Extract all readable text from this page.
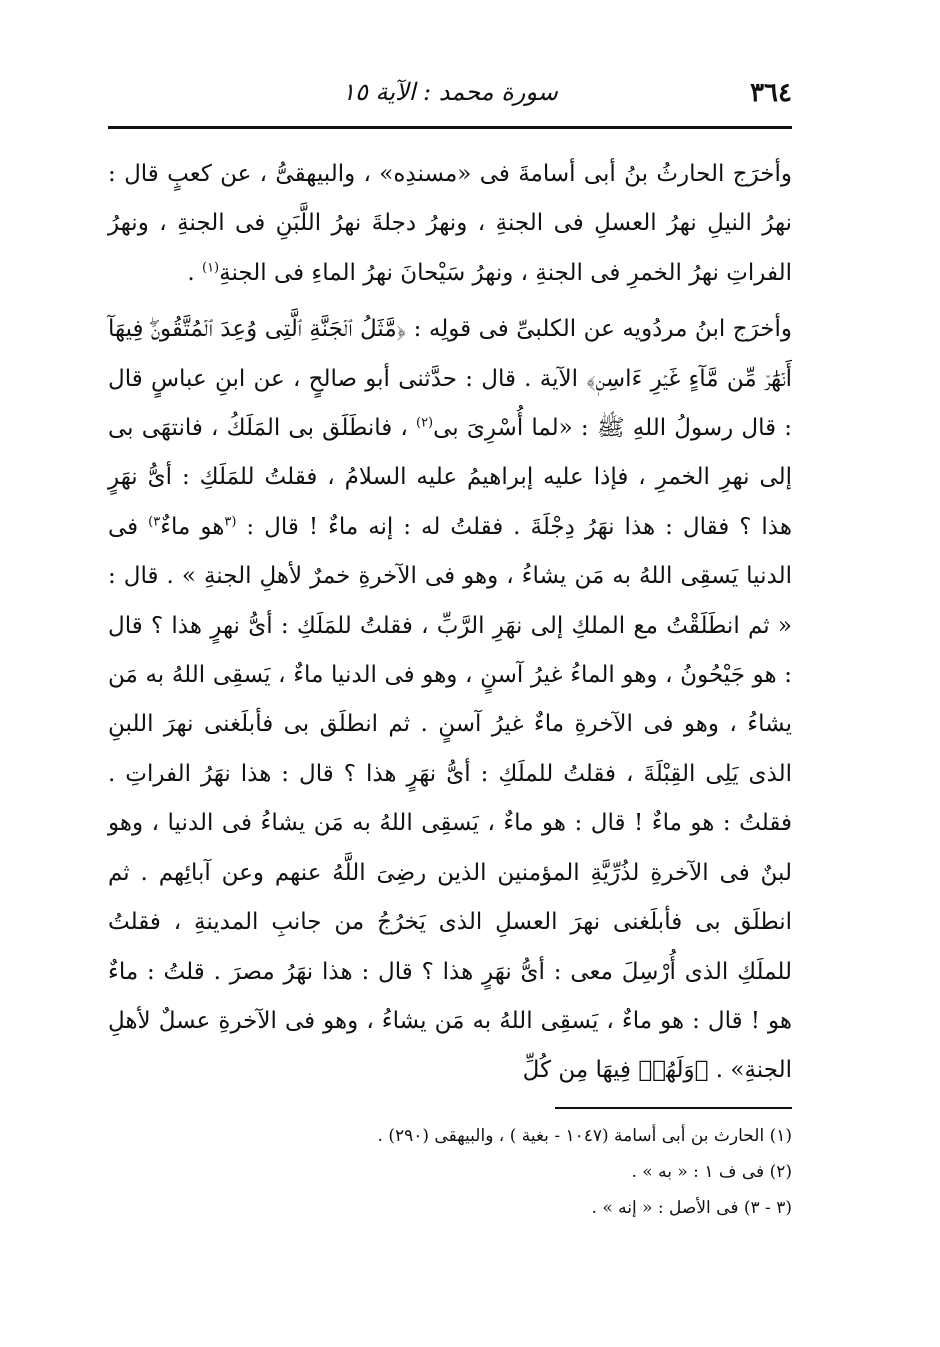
٣٦٤
سورة محمد : الآية ١٥

وأخرَج الحارثُ بنُ أبى أسامةَ فى «مسندِه» ، والبيهقىُّ ، عن كعبٍ قال : نهرُ النيلِ نهرُ العسلِ فى الجنةِ ، ونهرُ دجلةَ نهرُ اللَّبَنِ فى الجنةِ ، ونهرُ الفراتِ نهرُ الخمرِ فى الجنةِ ، ونهرُ سَيْحانَ نهرُ الماءِ فى الجنةِ$^{(١)}$ .

وأخرَج ابنُ مردُويه عن الكلبىِّ فى قولِه : ﴿مَّثَلُ ٱلۡجَنَّةِ ٱلَّتِى وُعِدَ ٱلۡمُتَّقُونَۖ فِيهَآ أَنۡهَٰرٞ مِّن مَّآءٍ غَيۡرِ ءَاسِنٖ﴾ الآية . قال : حدَّثنى أبو صالحٍ ، عن ابنِ عباسٍ قال : قال رسولُ اللهِ ﷺ : «لما أُسْرِىَ بى$^{(٢)}$ ، فانطَلَق بى المَلَكُ ، فانتهَى بى إلى نهرِ الخمرِ ، فإذا عليه إبراهيمُ عليه السلامُ ، فقلتُ للمَلَكِ : أىُّ نهَرٍ هذا ؟ فقال : هذا نهَرُ دِجْلَةَ . فقلتُ له : إنه ماءٌ ! قال : $^{(٣}$هو ماءٌ$^{٣)}$ فى الدنيا يَسقِى اللهُ به مَن يشاءُ ، وهو فى الآخرةِ خمرٌ لأهلِ الجنةِ » . قال : « ثم انطَلَقْتُ مع الملكِ إلى نهَرِ الرَّبِّ ، فقلتُ للمَلَكِ : أىُّ نهرٍ هذا ؟ قال : هو جَيْحُونُ ، وهو الماءُ غيرُ آسنٍ ، وهو فى الدنيا ماءٌ ، يَسقِى اللهُ به مَن يشاءُ ، وهو فى الآخرةِ ماءٌ غيرُ آسنٍ . ثم انطلَق بى فأبلَغنى نهرَ اللبنِ الذى يَلِى القِبْلَةَ ، فقلتُ للملَكِ : أىُّ نهَرٍ هذا ؟ قال : هذا نهَرُ الفراتِ . فقلتُ : هو ماءٌ ! قال : هو ماءٌ ، يَسقِى اللهُ به مَن يشاءُ فى الدنيا ، وهو لبنٌ فى الآخرةِ لذُرِّيَّةِ المؤمنين الذين رضِىَ اللَّهُ عنهم وعن آبائِهم . ثم انطلَق بى فأبلَغنى نهرَ العسلِ الذى يَخرُجُ من جانبِ المدينةِ ، فقلتُ للملَكِ الذى أُرْسِلَ معى : أىُّ نهَرٍ هذا ؟ قال : هذا نهَرُ مصرَ . قلتُ : ماءٌ هو ! قال : هو ماءٌ ، يَسقِى اللهُ به مَن يشاءُ ، وهو فى الآخرةِ عسلٌ لأهلِ الجنةِ» . ﴿وَلَهُمۡ فِيهَا مِن كُلِّ

(١) الحارث بن أبى أسامة (١٠٤٧ - بغية ) ، والبيهقى (٢٩٠) .

(٢) فى ف ١ : « به » .

(٣ - ٣) فى الأصل : « إنه » .
